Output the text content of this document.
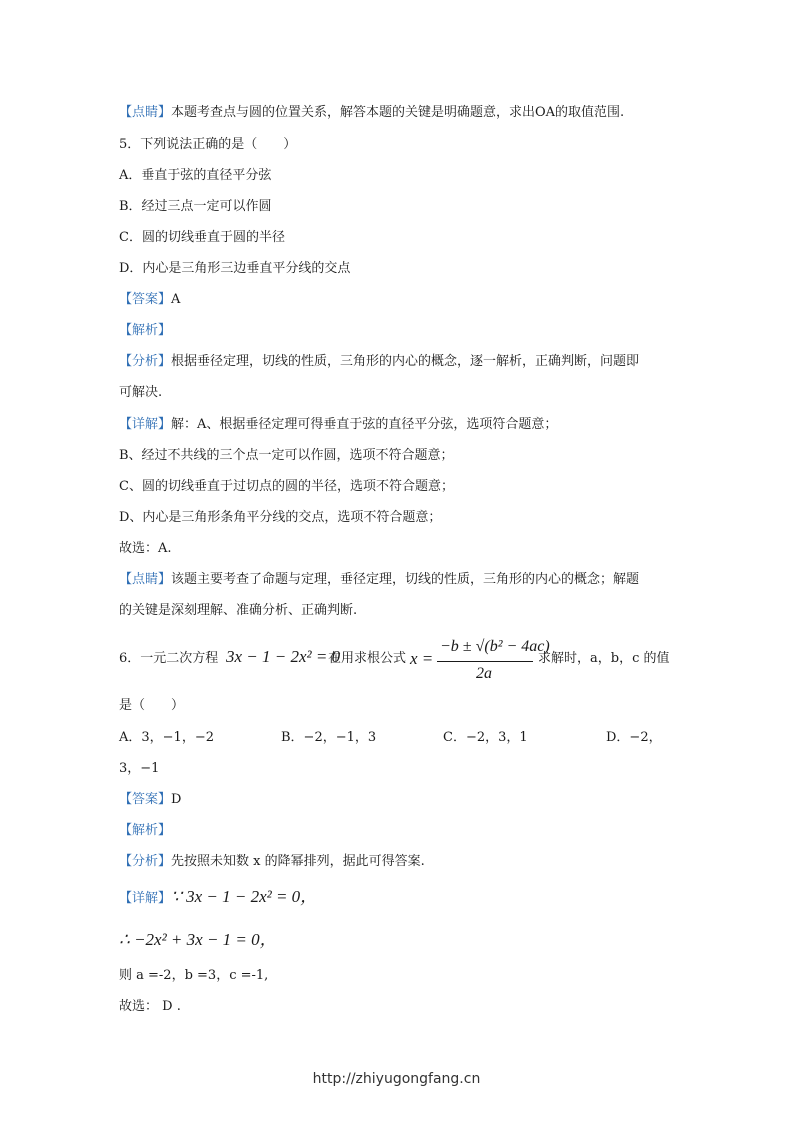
【点睛】本题考查点与圆的位置关系，解答本题的关键是明确题意，求出OA的取值范围.
5．下列说法正确的是（　　）
A．垂直于弦的直径平分弦
B．经过三点一定可以作圆
C．圆的切线垂直于圆的半径
D．内心是三角形三边垂直平分线的交点
【答案】A
【解析】
【分析】根据垂径定理，切线的性质，三角形的内心的概念，逐一解析，正确判断，问题即
可解决.
【详解】解：A、根据垂径定理可得垂直于弦的直径平分弦，选项符合题意；
B、经过不共线的三个点一定可以作圆，选项不符合题意；
C、圆的切线垂直于过切点的圆的半径，选项不符合题意；
D、内心是三角形条角平分线的交点，选项不符合题意；
故选：A.
【点睛】该题主要考查了命题与定理，垂径定理，切线的性质，三角形的内心的概念；解题
的关键是深刻理解、准确分析、正确判断.
6．一元二次方程 3x − 1 − 2x² = 0
在用求根公式 x =
−b ± √(b² − 4ac)
2a
求解时，a，b，c 的值
是（　　）
A．3，−1，−2	B．−2，−1，3	C．−2，3，1	D．−2，
3，−1
【答案】D
【解析】
【分析】先按照未知数 x 的降幂排列，据此可得答案.
【详解】∵ 3x − 1 − 2x² = 0，
∴ −2x² + 3x − 1 = 0，
则 a =-2，b =3，c =-1,
故选： D .
http://zhiyugongfang.cn
